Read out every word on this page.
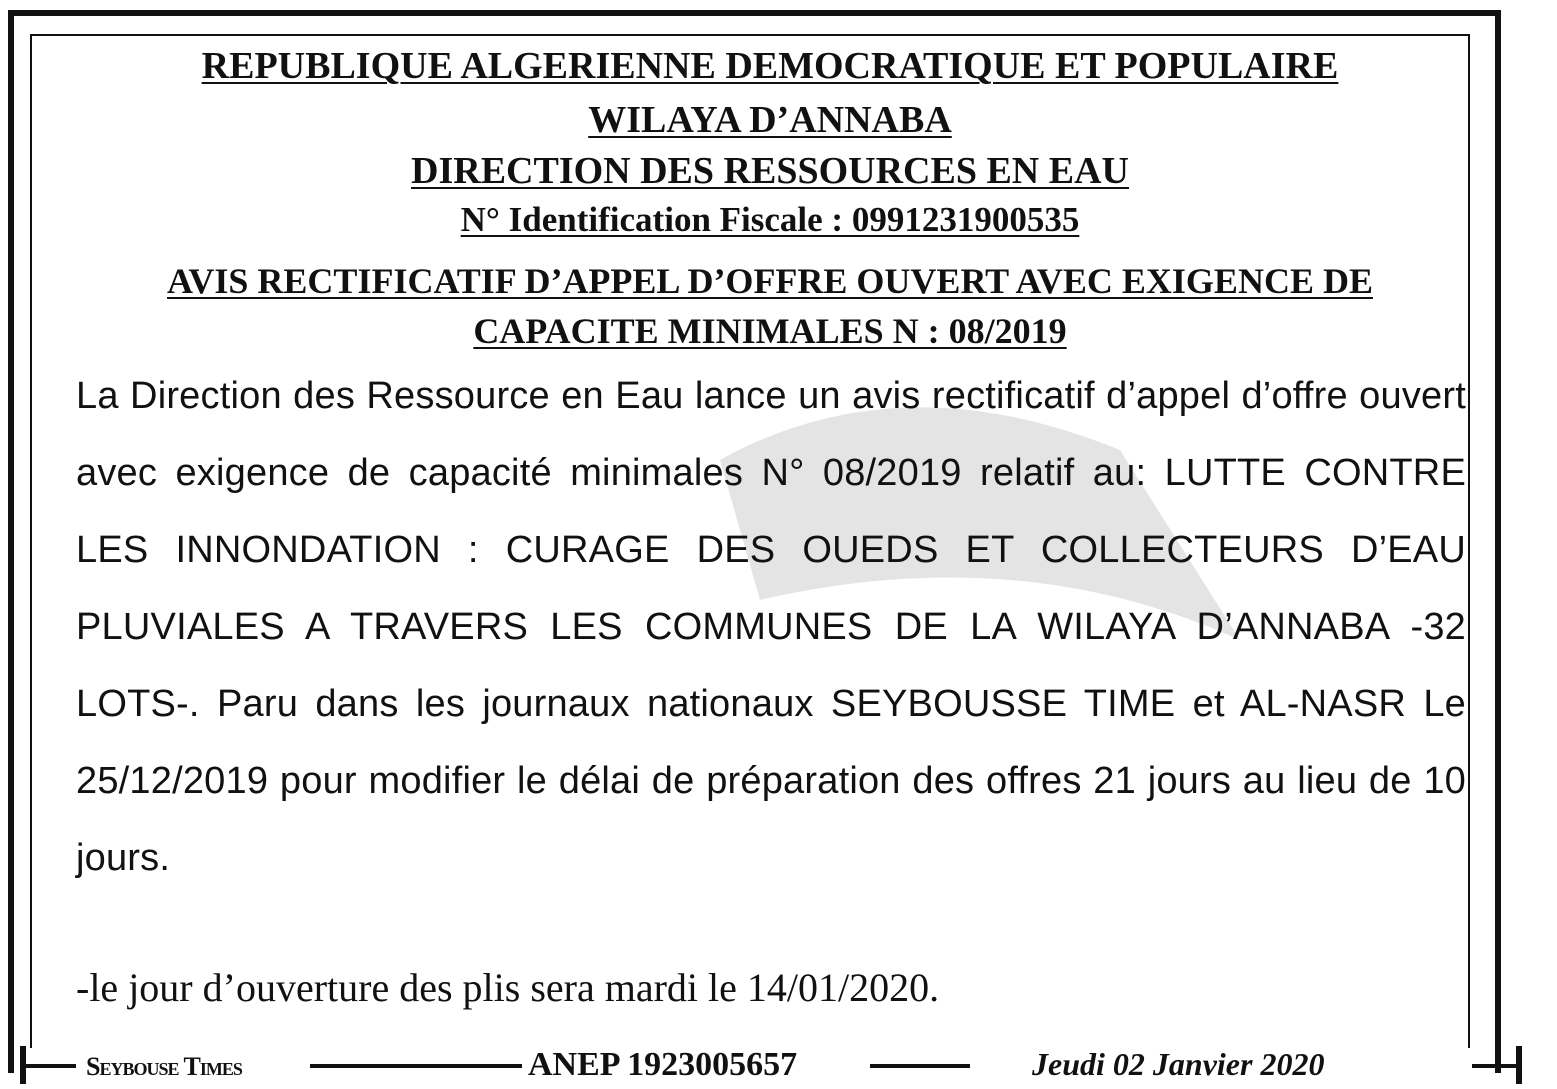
REPUBLIQUE ALGERIENNE DEMOCRATIQUE ET POPULAIRE
WILAYA D’ANNABA
DIRECTION DES RESSOURCES EN EAU
N° Identification Fiscale : 0991231900535
AVIS RECTIFICATIF D’APPEL D’OFFRE OUVERT AVEC EXIGENCE DE
CAPACITE MINIMALES N : 08/2019

La Direction des Ressource en Eau lance un avis rectificatif d’appel d’offre ouvert avec exigence de capacité minimales N° 08/2019 relatif au: LUTTE CONTRE LES INNONDATION : CURAGE DES OUEDS ET COLLECTEURS D’EAU PLUVIALES A TRAVERS LES COMMUNES DE LA WILAYA D’ANNABA -32 LOTS-. Paru dans les journaux nationaux SEYBOUSSE TIME et AL-NASR Le 25/12/2019 pour modifier le délai de préparation des offres 21 jours au lieu de 10 jours.

-le jour d’ouverture des plis sera mardi le 14/01/2020.
Seybouse Times	ANEP 1923005657	Jeudi 02 Janvier 2020
